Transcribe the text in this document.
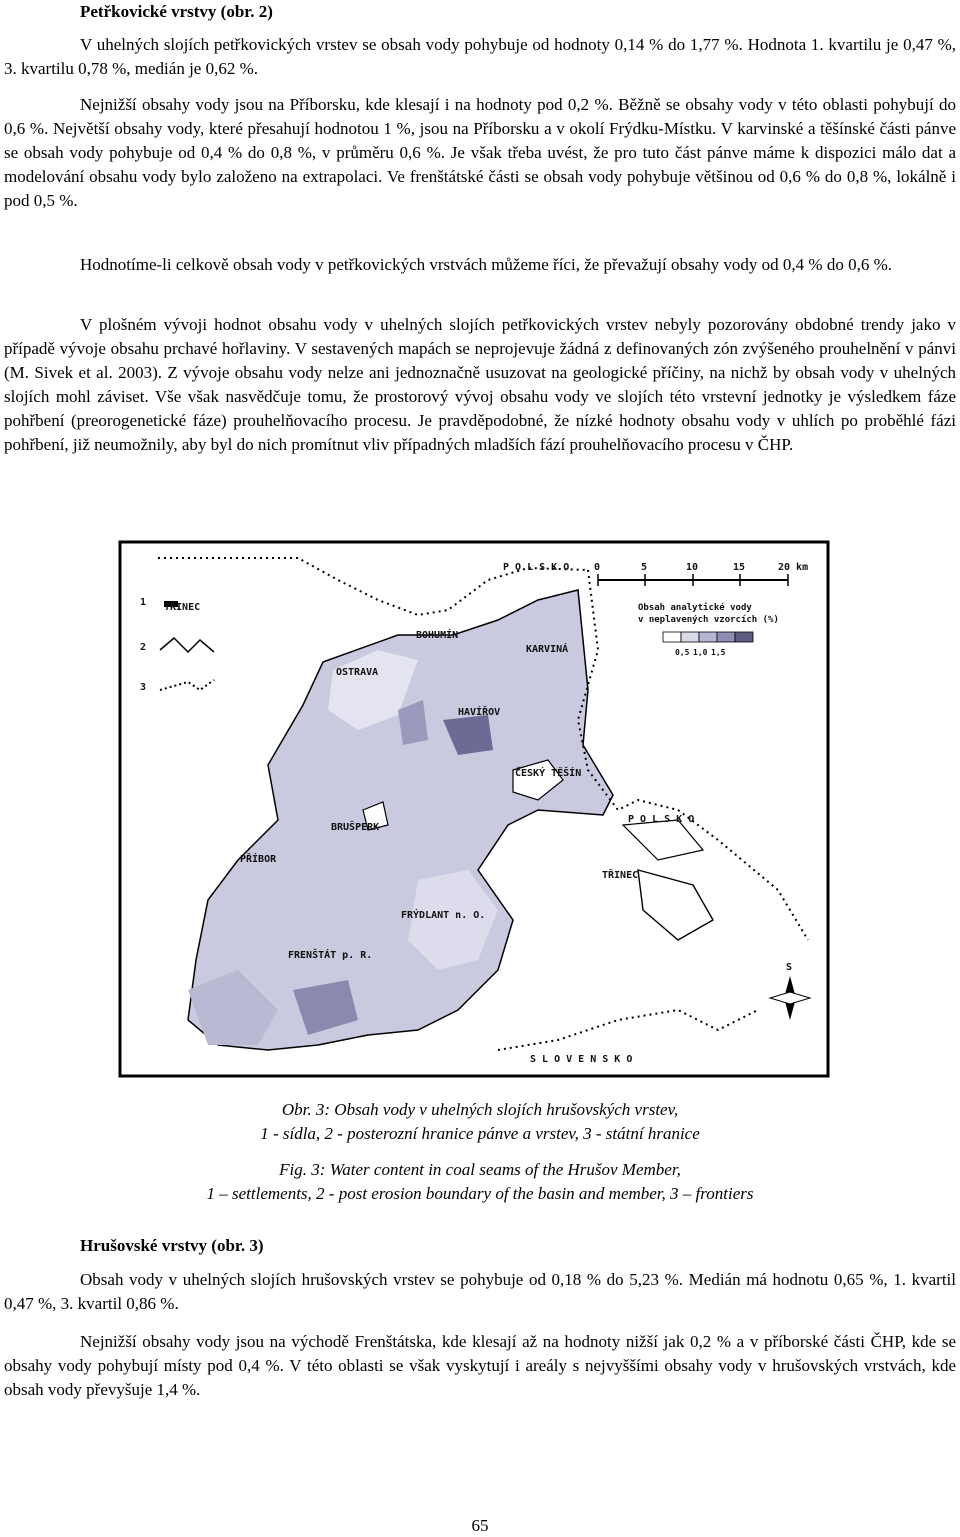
Petřkovické vrstvy (obr. 2)

V uhelných slojích petřkovických vrstev se obsah vody pohybuje od hodnoty 0,14 % do 1,77 %. Hodnota 1. kvartilu je 0,47 %, 3. kvartilu 0,78 %, medián je 0,62 %.

Nejnižší obsahy vody jsou na Příborsku, kde klesají i na hodnoty pod 0,2 %. Běžně se obsahy vody v této oblasti pohybují do 0,6 %. Největší obsahy vody, které přesahují hodnotou 1 %, jsou na Příborsku a v okolí Frýdku-Místku. V karvinské a těšínské části pánve se obsah vody pohybuje od 0,4 % do 0,8 %, v průměru 0,6 %. Je však třeba uvést, že pro tuto část pánve máme k dispozici málo dat a modelování obsahu vody bylo založeno na extrapolaci. Ve frenštátské části se obsah vody pohybuje většinou od 0,6 % do 0,8 %, lokálně i pod 0,5 %.

Hodnotíme-li celkově obsah vody v petřkovických vrstvách můžeme říci, že převažují obsahy vody od 0,4 % do 0,6 %.

V plošném vývoji hodnot obsahu vody v uhelných slojích petřkovických vrstev nebyly pozorovány obdobné trendy jako v případě vývoje obsahu prchavé hořlaviny. V sestavených mapách se neprojevuje žádná z definovaných zón zvýšeného prouhelnění v pánvi (M. Sivek et al. 2003). Z vývoje obsahu vody nelze ani jednoznačně usuzovat na geologické příčiny, na nichž by obsah vody v uhelných slojích mohl záviset. Vše však nasvědčuje tomu, že prostorový vývoj obsahu vody ve slojích této vrstevní jednotky je výsledkem fáze pohřbení (preorogenetické fáze) prouhelňovacího procesu. Je pravděpodobné, že nízké hodnoty obsahu vody v uhlích po proběhlé fázi pohřbení, již neumožnily, aby byl do nich promítnut vliv případných mladších fází prouhelňovacího procesu v ČHP.

1 TŘINEC
2
3
0	5	10	15	20 km
Obsah analytické vody
v neplavených vzorcích (%)
0,5 1,0 1,5
P O L S K O
P O L S K O
S L O V E N S K O
BOHUMÍN
KARVINÁ
OSTRAVA
HAVÍŘOV
ČESKÝ TĚŠÍN
BRUŠPERK
PŘÍBOR
TŘINEC
FRÝDLANT n. O.
FRENŠTÁT p. R.
S
Obr. 3: Obsah vody v uhelných slojích hrušovských vrstev,
1 - sídla, 2 - posterozní hranice pánve a vrstev, 3 - státní hranice
Fig. 3: Water content in coal seams of the Hrušov Member,
1 – settlements, 2 - post erosion boundary of the basin and member, 3 – frontiers
Hrušovské vrstvy (obr. 3)

Obsah vody v uhelných slojích hrušovských vrstev se pohybuje od 0,18 % do 5,23 %. Medián má hodnotu 0,65 %, 1. kvartil 0,47 %, 3. kvartil 0,86 %.

Nejnižší obsahy vody jsou na východě Frenštátska, kde klesají až na hodnoty nižší jak 0,2 % a v příborské části ČHP, kde se obsahy vody pohybují místy pod 0,4 %. V této oblasti se však vyskytují i areály s nejvyššími obsahy vody v hrušovských vrstvách, kde obsah vody převyšuje 1,4 %.

65
